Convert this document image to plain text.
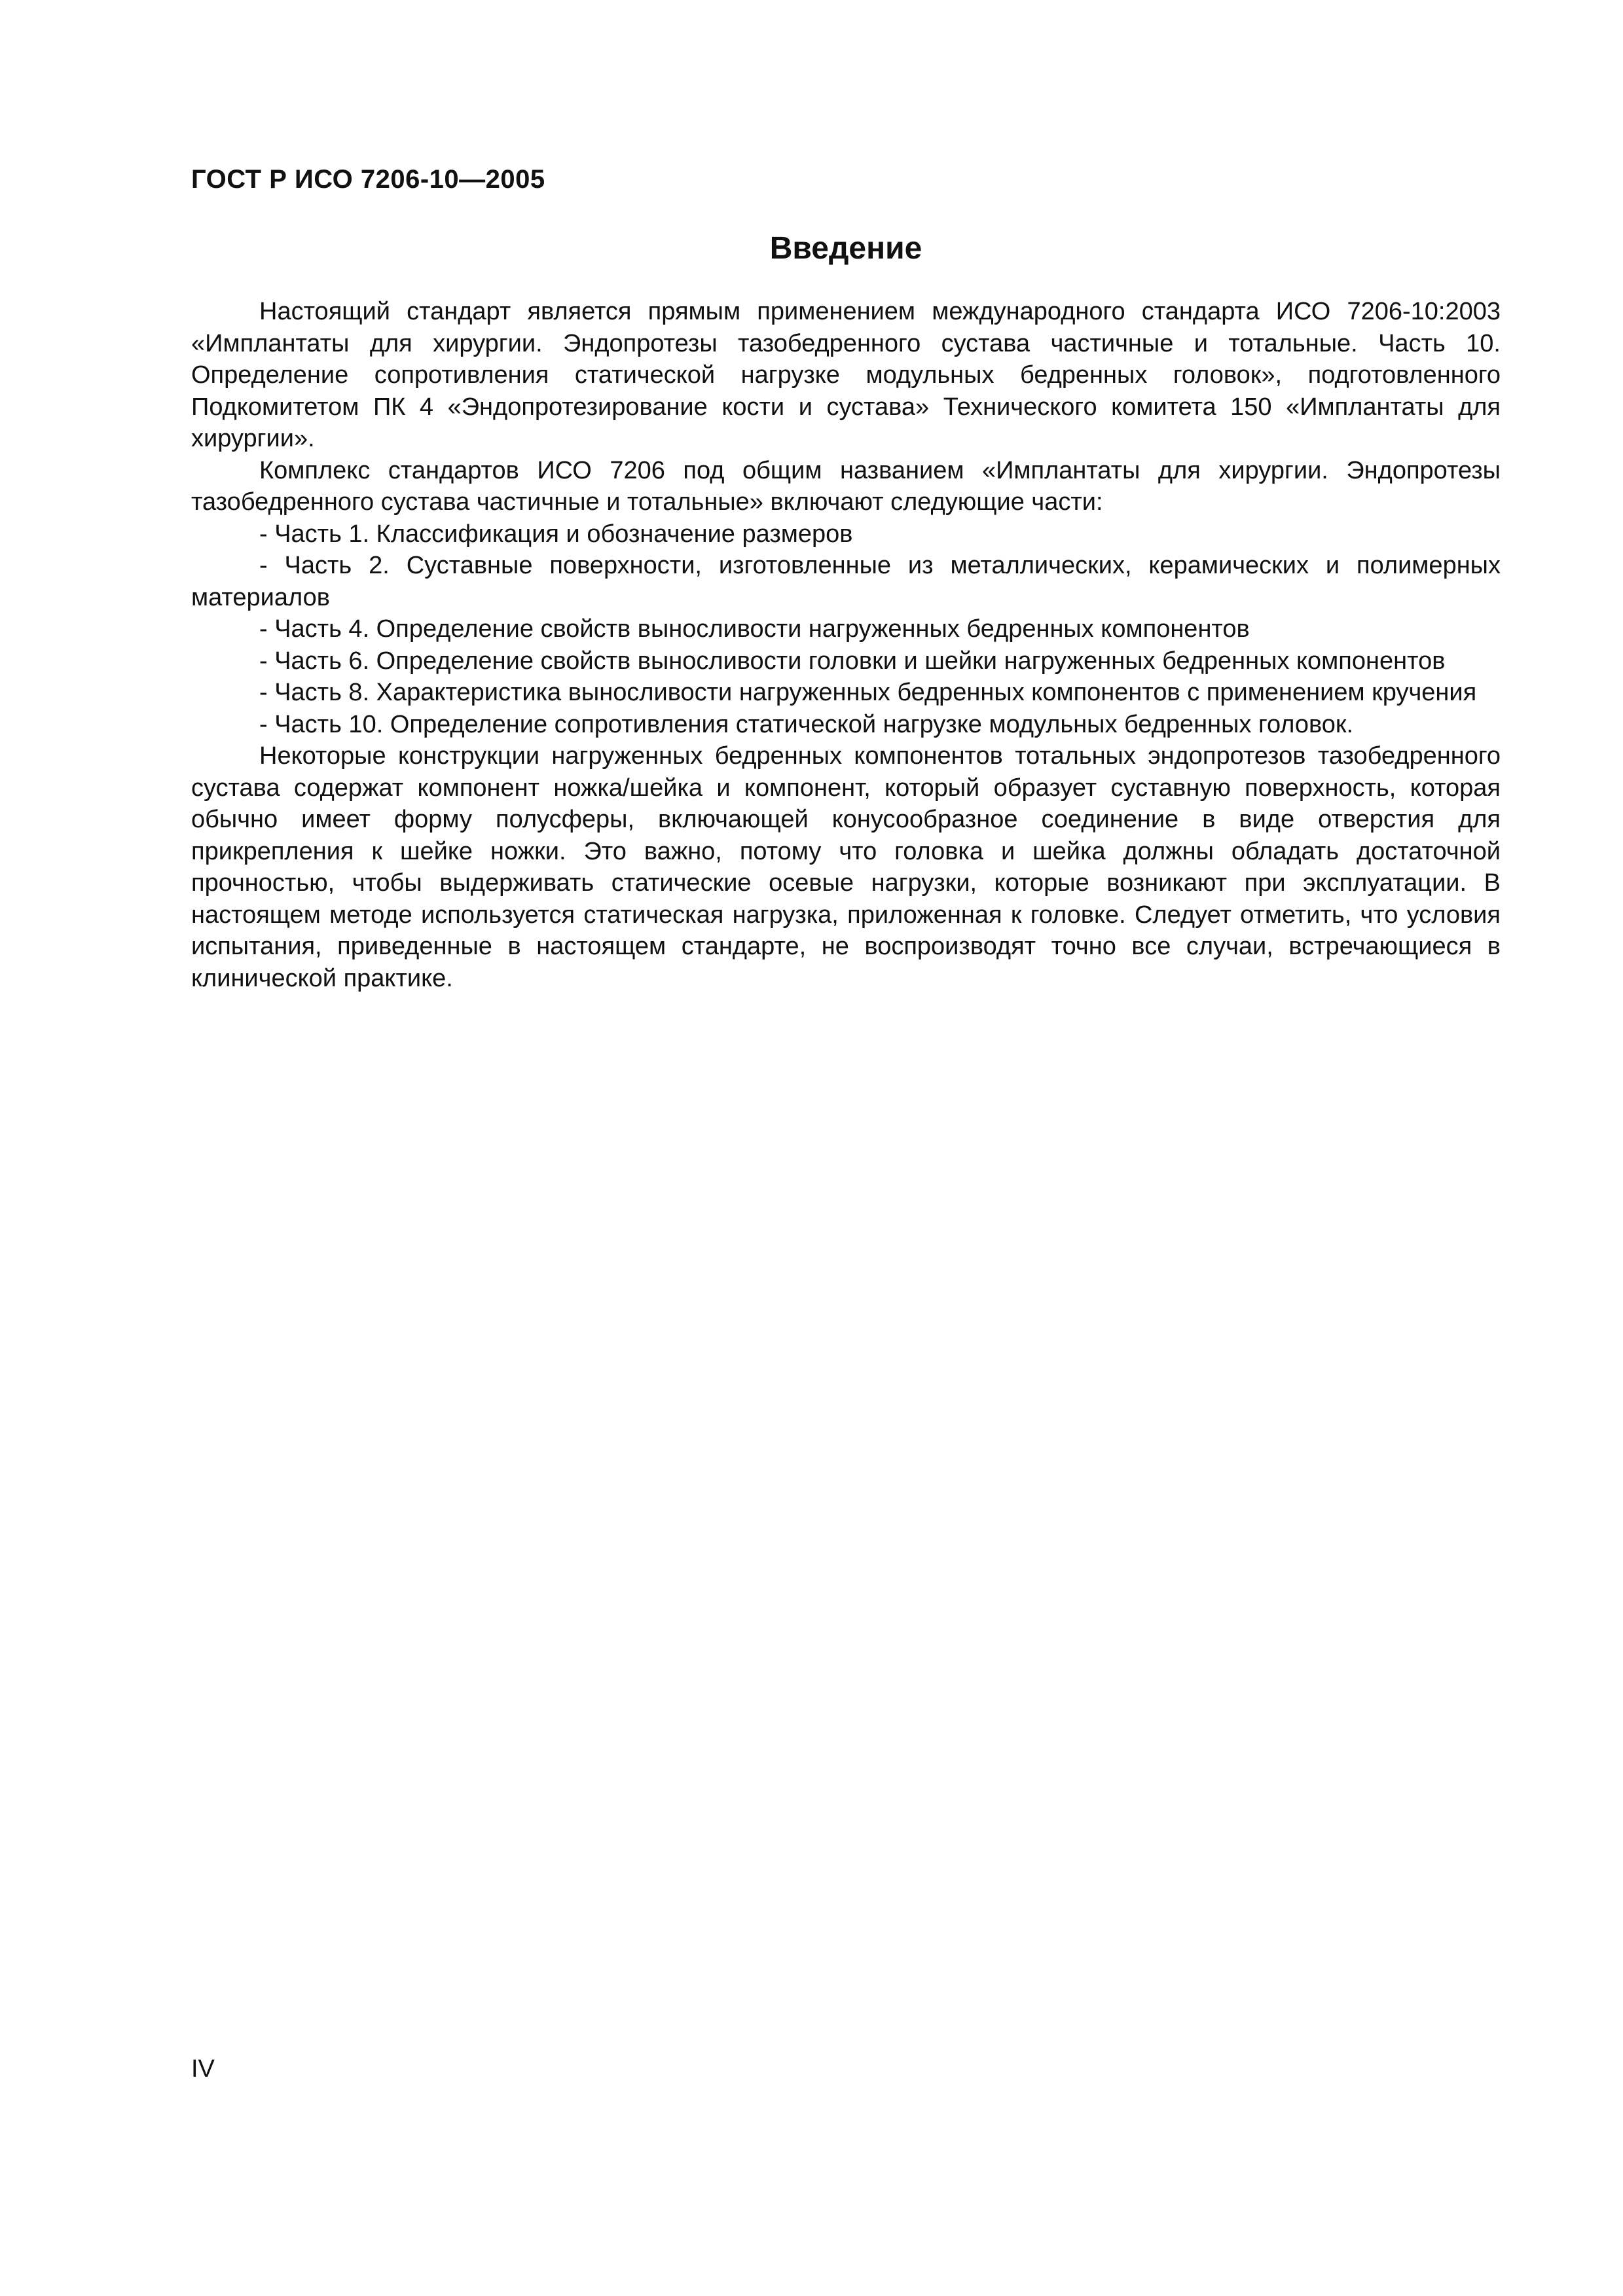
ГОСТ Р ИСО 7206-10—2005
Введение

Настоящий стандарт является прямым применением международного стандарта ИСО 7206-10:2003 «Имплантаты для хирургии. Эндопротезы тазобедренного сустава частичные и тотальные. Часть 10. Определение сопротивления статической нагрузке модульных бедренных головок», подготовленного Подкомитетом ПК 4 «Эндопротезирование кости и сустава» Технического комитета 150 «Имплантаты для хирургии».

Комплекс стандартов ИСО 7206 под общим названием «Имплантаты для хирургии. Эндопротезы тазобедренного сустава частичные и тотальные» включают следующие части:

- Часть 1. Классификация и обозначение размеров

- Часть 2. Суставные поверхности, изготовленные из металлических, керамических и полимерных материалов

- Часть 4. Определение свойств выносливости нагруженных бедренных компонентов

- Часть 6. Определение свойств выносливости головки и шейки нагруженных бедренных компонентов

- Часть 8. Характеристика выносливости нагруженных бедренных компонентов с применением кручения

- Часть 10. Определение сопротивления статической нагрузке модульных бедренных головок.

Некоторые конструкции нагруженных бедренных компонентов тотальных эндопротезов тазобедренного сустава содержат компонент ножка/шейка и компонент, который образует суставную поверхность, которая обычно имеет форму полусферы, включающей конусообразное соединение в виде отверстия для прикрепления к шейке ножки. Это важно, потому что головка и шейка должны обладать достаточной прочностью, чтобы выдерживать статические осевые нагрузки, которые возникают при эксплуатации. В настоящем методе используется статическая нагрузка, приложенная к головке. Следует отметить, что условия испытания, приведенные в настоящем стандарте, не воспроизводят точно все случаи, встречающиеся в клинической практике.

IV
